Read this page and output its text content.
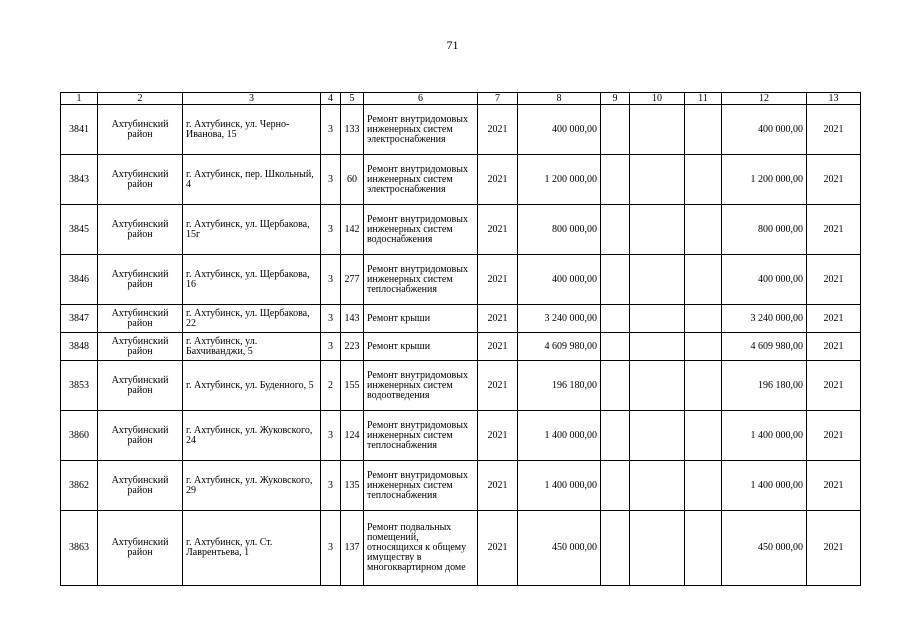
71
1	2	3	4	5	6	7	8	9	10	11	12	13
3841	Ахтубинский район	г. Ахтубинск, ул. Черно-Иванова, 15	3	133	Ремонт внутридомовых инженерных систем электроснабжения	2021	400 000,00				400 000,00	2021
3843	Ахтубинский район	г. Ахтубинск, пер. Школьный, 4	3	60	Ремонт внутридомовых инженерных систем электроснабжения	2021	1 200 000,00				1 200 000,00	2021
3845	Ахтубинский район	г. Ахтубинск, ул. Щербакова, 15г	3	142	Ремонт внутридомовых инженерных систем водоснабжения	2021	800 000,00				800 000,00	2021
3846	Ахтубинский район	г. Ахтубинск, ул. Щербакова, 16	3	277	Ремонт внутридомовых инженерных систем теплоснабжения	2021	400 000,00				400 000,00	2021
3847	Ахтубинский район	г. Ахтубинск, ул. Щербакова, 22	3	143	Ремонт крыши	2021	3 240 000,00				3 240 000,00	2021
3848	Ахтубинский район	г. Ахтубинск, ул. Бахчиванджи, 5	3	223	Ремонт крыши	2021	4 609 980,00				4 609 980,00	2021
3853	Ахтубинский район	г. Ахтубинск, ул. Буденного, 5	2	155	Ремонт внутридомовых инженерных систем водоотведения	2021	196 180,00				196 180,00	2021
3860	Ахтубинский район	г. Ахтубинск, ул. Жуковского, 24	3	124	Ремонт внутридомовых инженерных систем теплоснабжения	2021	1 400 000,00				1 400 000,00	2021
3862	Ахтубинский район	г. Ахтубинск, ул. Жуковского, 29	3	135	Ремонт внутридомовых инженерных систем теплоснабжения	2021	1 400 000,00				1 400 000,00	2021
3863	Ахтубинский район	г. Ахтубинск, ул. Ст. Лаврентьева, 1	3	137	Ремонт подвальных помещений, относящихся к общему имуществу в многоквартирном доме	2021	450 000,00				450 000,00	2021
